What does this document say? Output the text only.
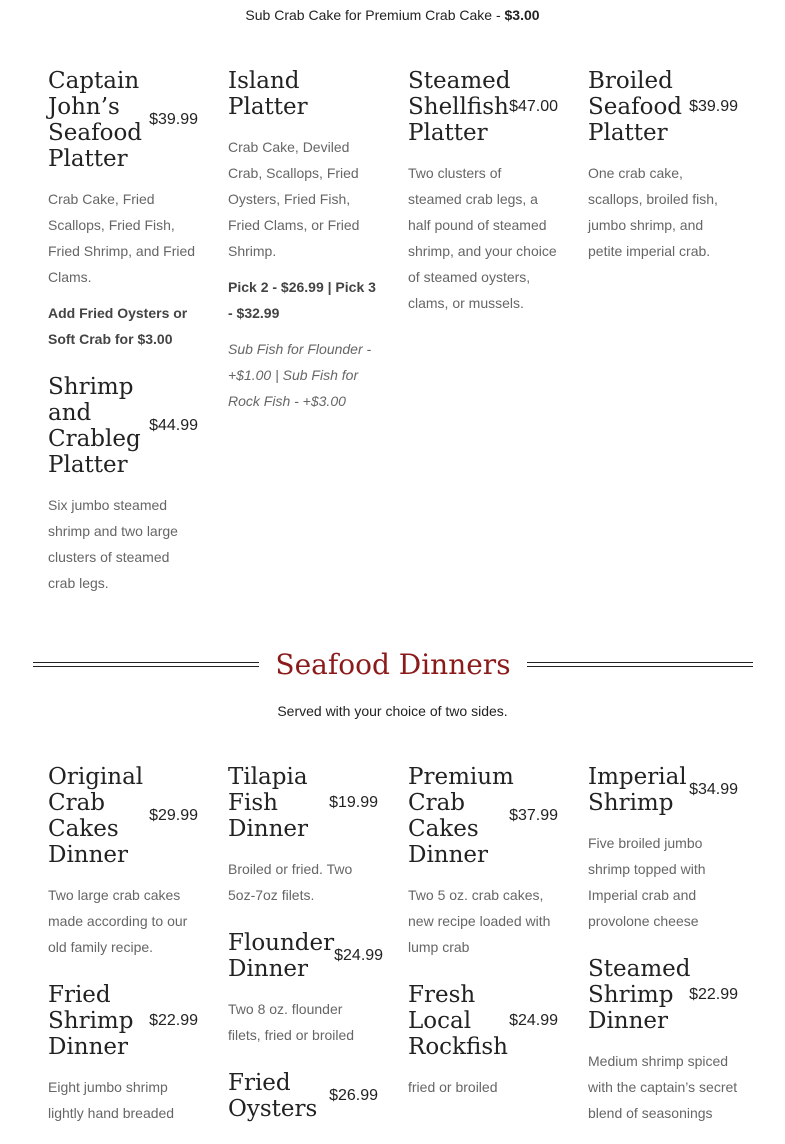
Sub Crab Cake for Premium Crab Cake - $3.00
Captain John’s Seafood Platter
$39.99

Crab Cake, Fried Scallops, Fried Fish, Fried Shrimp, and Fried Clams.

Add Fried Oysters or Soft Crab for $3.00

Shrimp and Crableg Platter
$44.99

Six jumbo steamed shrimp and two large clusters of steamed crab legs.

Island Platter

Crab Cake, Deviled Crab, Scallops, Fried Oysters, Fried Fish, Fried Clams, or Fried Shrimp.

Pick 2 - $26.99 | Pick 3 - $32.99

Sub Fish for Flounder - +$1.00 | Sub Fish for Rock Fish - +$3.00

Steamed Shellfish Platter
$47.00

Two clusters of steamed crab legs, a half pound of steamed shrimp, and your choice of steamed oysters, clams, or mussels.

Broiled Seafood Platter
$39.99

One crab cake, scallops, broiled fish, jumbo shrimp, and petite imperial crab.

Seafood Dinners
Served with your choice of two sides.
Original Crab Cakes Dinner
$29.99

Two large crab cakes made according to our old family recipe.

Fried Shrimp Dinner
$22.99

Eight jumbo shrimp lightly hand breaded

Tilapia Fish Dinner
$19.99

Broiled or fried. Two 5oz-7oz filets.

Flounder Dinner
$24.99

Two 8 oz. flounder filets, fried or broiled

Fried Oysters
$26.99
Premium Crab Cakes Dinner
$37.99

Two 5 oz. crab cakes, new recipe loaded with lump crab

Fresh Local Rockfish
$24.99

fried or broiled

Imperial Shrimp
$34.99

Five broiled jumbo shrimp topped with Imperial crab and provolone cheese

Steamed Shrimp Dinner
$22.99

Medium shrimp spiced with the captain’s secret blend of seasonings
